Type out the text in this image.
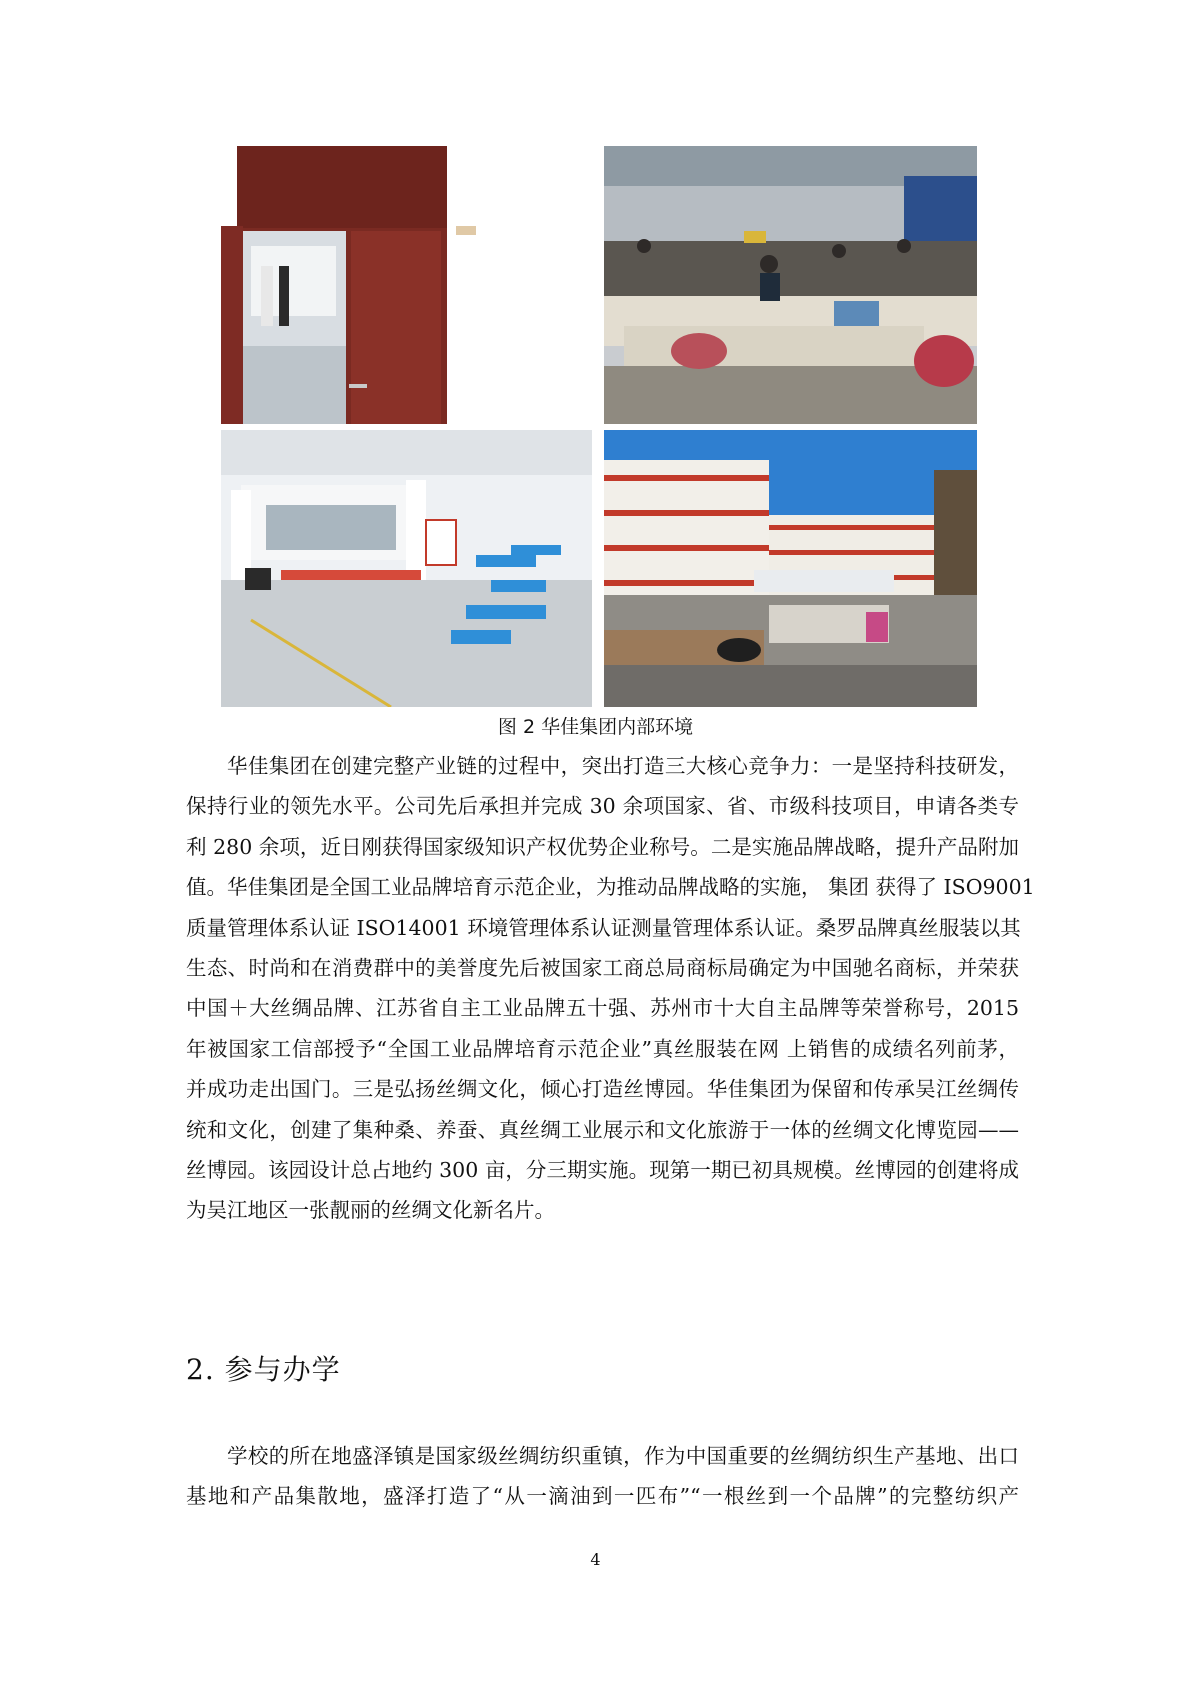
图 2 华佳集团内部环境
华佳集团在创建完整产业链的过程中，突出打造三大核心竞争力：一是坚持科技研发，
保持行业的领先水平。公司先后承担并完成 30 余项国家、省、市级科技项目，申请各类专
利 280 余项，近日刚获得国家级知识产权优势企业称号。二是实施品牌战略，提升产品附加
值。华佳集团是全国工业品牌培育示范企业，为推动品牌战略的实施， 集团 获得了 ISO9001
质量管理体系认证 ISO14001 环境管理体系认证测量管理体系认证。桑罗品牌真丝服装以其
生态、时尚和在消费群中的美誉度先后被国家工商总局商标局确定为中国驰名商标，并荣获
中国＋大丝绸品牌、江苏省自主工业品牌五十强、苏州市十大自主品牌等荣誉称号，2015
年被国家工信部授予“全国工业品牌培育示范企业”真丝服装在网 上销售的成绩名列前茅，
并成功走出国门。三是弘扬丝绸文化，倾心打造丝博园。华佳集团为保留和传承吴江丝绸传
统和文化，创建了集种桑、养蚕、真丝绸工业展示和文化旅游于一体的丝绸文化博览园——
丝博园。该园设计总占地约 300 亩，分三期实施。现第一期已初具规模。丝博园的创建将成
为吴江地区一张靓丽的丝绸文化新名片。
2. 参与办学
学校的所在地盛泽镇是国家级丝绸纺织重镇，作为中国重要的丝绸纺织生产基地、出口
基地和产品集散地，盛泽打造了“从一滴油到一匹布”“一根丝到一个品牌”的完整纺织产
4
